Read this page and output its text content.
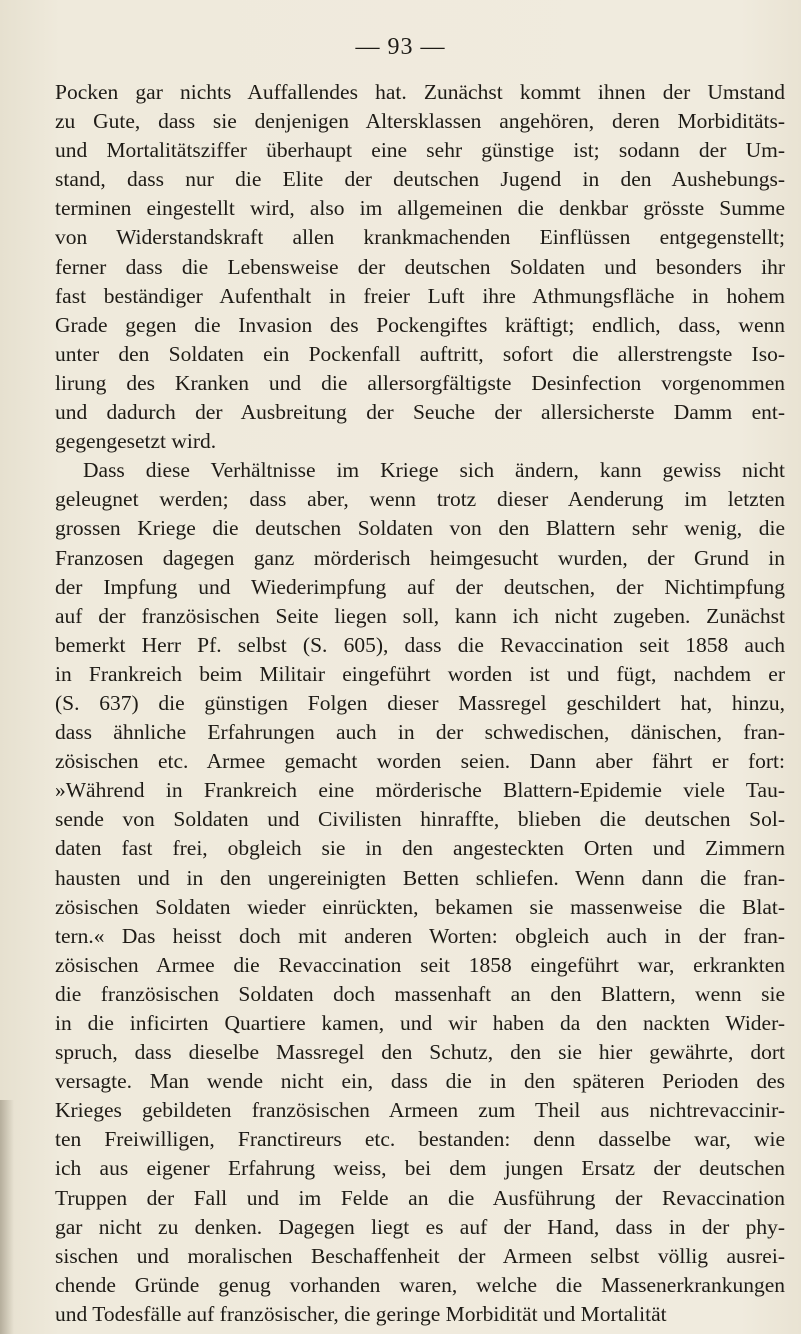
— 93 —
Pocken gar nichts Auffallendes hat. Zunächst kommt ihnen der Umstand
zu Gute, dass sie denjenigen Altersklassen angehören, deren Morbiditäts-
und Mortalitätsziffer überhaupt eine sehr günstige ist; sodann der Um-
stand, dass nur die Elite der deutschen Jugend in den Aushebungs-
terminen eingestellt wird, also im allgemeinen die denkbar grösste Summe
von Widerstandskraft allen krankmachenden Einflüssen entgegenstellt;
ferner dass die Lebensweise der deutschen Soldaten und besonders ihr
fast beständiger Aufenthalt in freier Luft ihre Athmungsfläche in hohem
Grade gegen die Invasion des Pockengiftes kräftigt; endlich, dass, wenn
unter den Soldaten ein Pockenfall auftritt, sofort die allerstrengste Iso-
lirung des Kranken und die allersorgfältigste Desinfection vorgenommen
und dadurch der Ausbreitung der Seuche der allersicherste Damm ent-
gegengesetzt wird.
Dass diese Verhältnisse im Kriege sich ändern, kann gewiss nicht
geleugnet werden; dass aber, wenn trotz dieser Aenderung im letzten
grossen Kriege die deutschen Soldaten von den Blattern sehr wenig, die
Franzosen dagegen ganz mörderisch heimgesucht wurden, der Grund in
der Impfung und Wiederimpfung auf der deutschen, der Nichtimpfung
auf der französischen Seite liegen soll, kann ich nicht zugeben. Zunächst
bemerkt Herr Pf. selbst (S. 605), dass die Revaccination seit 1858 auch
in Frankreich beim Militair eingeführt worden ist und fügt, nachdem er
(S. 637) die günstigen Folgen dieser Massregel geschildert hat, hinzu,
dass ähnliche Erfahrungen auch in der schwedischen, dänischen, fran-
zösischen etc. Armee gemacht worden seien. Dann aber fährt er fort:
»Während in Frankreich eine mörderische Blattern-Epidemie viele Tau-
sende von Soldaten und Civilisten hinraffte, blieben die deutschen Sol-
daten fast frei, obgleich sie in den angesteckten Orten und Zimmern
hausten und in den ungereinigten Betten schliefen. Wenn dann die fran-
zösischen Soldaten wieder einrückten, bekamen sie massenweise die Blat-
tern.« Das heisst doch mit anderen Worten: obgleich auch in der fran-
zösischen Armee die Revaccination seit 1858 eingeführt war, erkrankten
die französischen Soldaten doch massenhaft an den Blattern, wenn sie
in die inficirten Quartiere kamen, und wir haben da den nackten Wider-
spruch, dass dieselbe Massregel den Schutz, den sie hier gewährte, dort
versagte. Man wende nicht ein, dass die in den späteren Perioden des
Krieges gebildeten französischen Armeen zum Theil aus nichtrevaccinir-
ten Freiwilligen, Franctireurs etc. bestanden: denn dasselbe war, wie
ich aus eigener Erfahrung weiss, bei dem jungen Ersatz der deutschen
Truppen der Fall und im Felde an die Ausführung der Revaccination
gar nicht zu denken. Dagegen liegt es auf der Hand, dass in der phy-
sischen und moralischen Beschaffenheit der Armeen selbst völlig ausrei-
chende Gründe genug vorhanden waren, welche die Massenerkrankungen
und Todesfälle auf französischer, die geringe Morbidität und Mortalität
